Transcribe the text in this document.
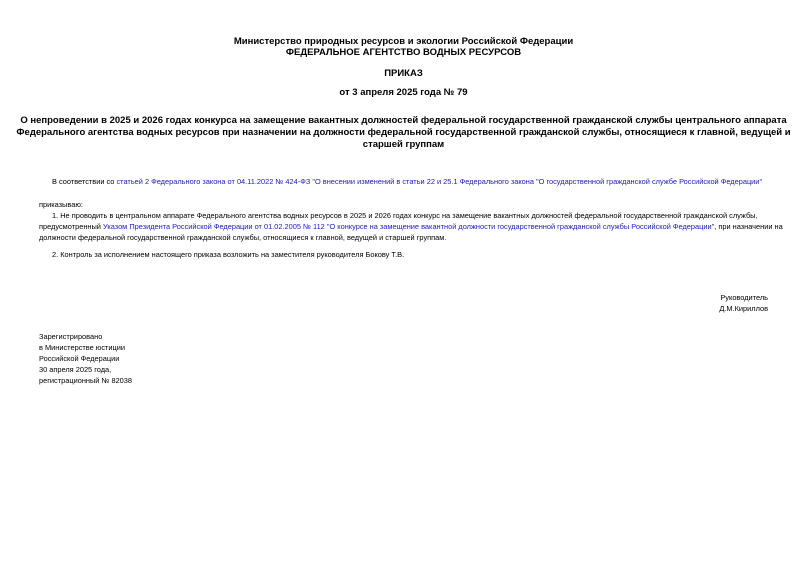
Министерство природных ресурсов и экологии Российской Федерации
ФЕДЕРАЛЬНОЕ АГЕНТСТВО ВОДНЫХ РЕСУРСОВ
ПРИКАЗ
от 3 апреля 2025 года № 79
О непроведении в 2025 и 2026 годах конкурса на замещение вакантных должностей федеральной государственной гражданской службы центрального аппарата
Федерального агентства водных ресурсов при назначении на должности федеральной государственной гражданской службы, относящиеся к главной, ведущей и
старшей группам
В соответствии со статьей 2 Федерального закона от 04.11.2022 № 424-ФЗ "О внесении изменений в статьи 22 и 25.1 Федерального закона "О государственной гражданской службе Российской Федерации"
приказываю:
1. Не проводить в центральном аппарате Федерального агентства водных ресурсов в 2025 и 2026 годах конкурс на замещение вакантных должностей федеральной государственной гражданской службы,
предусмотренный Указом Президента Российской Федерации от 01.02.2005 № 112 "О конкурсе на замещение вакантной должности государственной гражданской службы Российской Федерации", при назначении на
должности федеральной государственной гражданской службы, относящиеся к главной, ведущей и старшей группам.
2. Контроль за исполнением настоящего приказа возложить на заместителя руководителя Бокову Т.В.
Руководитель
Д.М.Кириллов
Зарегистрировано
в Министерстве юстиции
Российской Федерации
30 апреля 2025 года,
регистрационный № 82038
